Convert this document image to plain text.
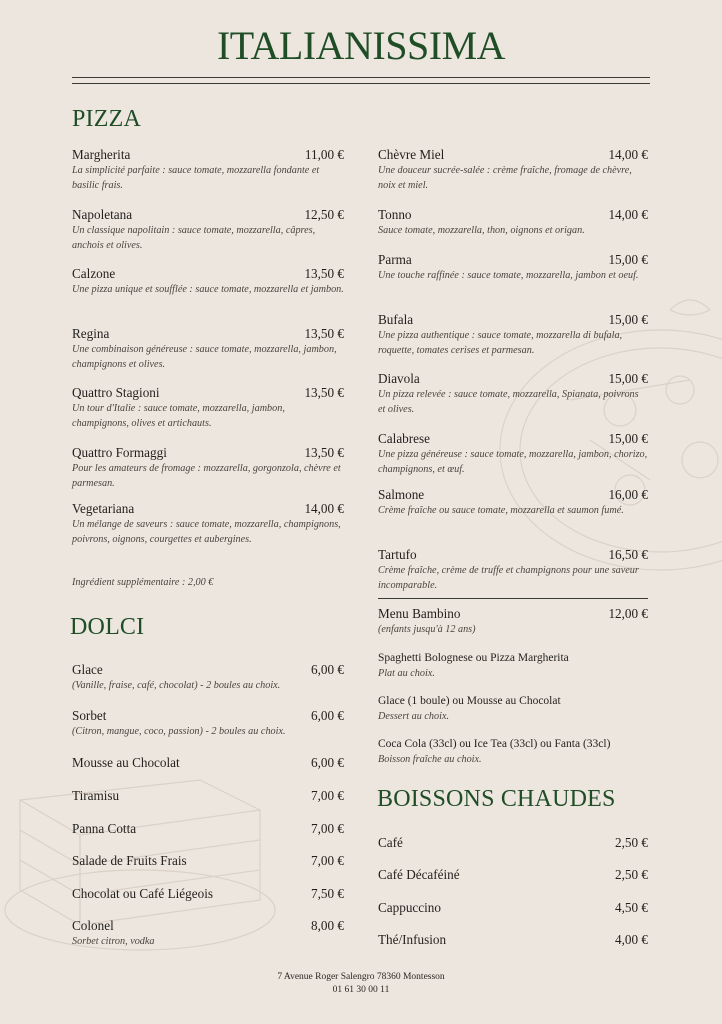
ITALIANISSIMA
PIZZA
Margherita	11,00 €
La simplicité parfaite : sauce tomate, mozzarella fondante et basilic frais.
Napoletana	12,50 €
Un classique napolitain : sauce tomate, mozzarella, câpres, anchois et olives.
Calzone	13,50 €
Une pizza unique et soufflée : sauce tomate, mozzarella et jambon.
Regina	13,50 €
Une combinaison généreuse : sauce tomate, mozzarella, jambon, champignons et olives.
Quattro Stagioni	13,50 €
Un tour d'Italie : sauce tomate, mozzarella, jambon, champignons, olives et artichauts.
Quattro Formaggi	13,50 €
Pour les amateurs de fromage : mozzarella, gorgonzola, chèvre et parmesan.
Vegetariana	14,00 €
Un mélange de saveurs : sauce tomate, mozzarella, champignons, poivrons, oignons, courgettes et aubergines.
Chèvre Miel	14,00 €
Une douceur sucrée-salée : crème fraîche, fromage de chèvre, noix et miel.
Tonno	14,00 €
Sauce tomate, mozzarella, thon, oignons et origan.
Parma	15,00 €
Une touche raffinée : sauce tomate, mozzarella, jambon et oeuf.
Bufala	15,00 €
Une pizza authentique : sauce tomate, mozzarella di bufala, roquette, tomates cerises et parmesan.
Diavola	15,00 €
Un pizza relevée : sauce tomate, mozzarella, Spianata, poivrons et olives.
Calabrese	15,00 €
Une pizza généreuse : sauce tomate, mozzarella, jambon, chorizo, champignons, et œuf.
Salmone	16,00 €
Crème fraîche ou sauce tomate, mozzarella et saumon fumé.
Tartufo	16,50 €
Crème fraîche, crème de truffe et champignons pour une saveur incomparable.
Ingrédient supplémentaire : 2,00 €
Menu Bambino	12,00 €
(enfants jusqu'à 12 ans)
Spaghetti Bolognese ou Pizza Margherita
Plat au choix.
Glace (1 boule) ou Mousse au Chocolat
Dessert au choix.
Coca Cola (33cl) ou Ice Tea (33cl) ou Fanta (33cl)
Boisson fraîche au choix.
DOLCI
Glace	6,00 €
(Vanille, fraise, café, chocolat) - 2 boules au choix.
Sorbet	6,00 €
(Citron, mangue, coco, passion) - 2 boules au choix.
Mousse au Chocolat	6,00 €
Tiramisu	7,00 €
Panna Cotta	7,00 €
Salade de Fruits Frais	7,00 €
Chocolat ou Café Liégeois	7,50 €
Colonel	8,00 €
Sorbet citron, vodka
BOISSONS CHAUDES
Café	2,50 €
Café Décaféiné	2,50 €
Cappuccino	4,50 €
Thé/Infusion	4,00 €
7 Avenue Roger Salengro 78360 Montesson
01 61 30 00 11
